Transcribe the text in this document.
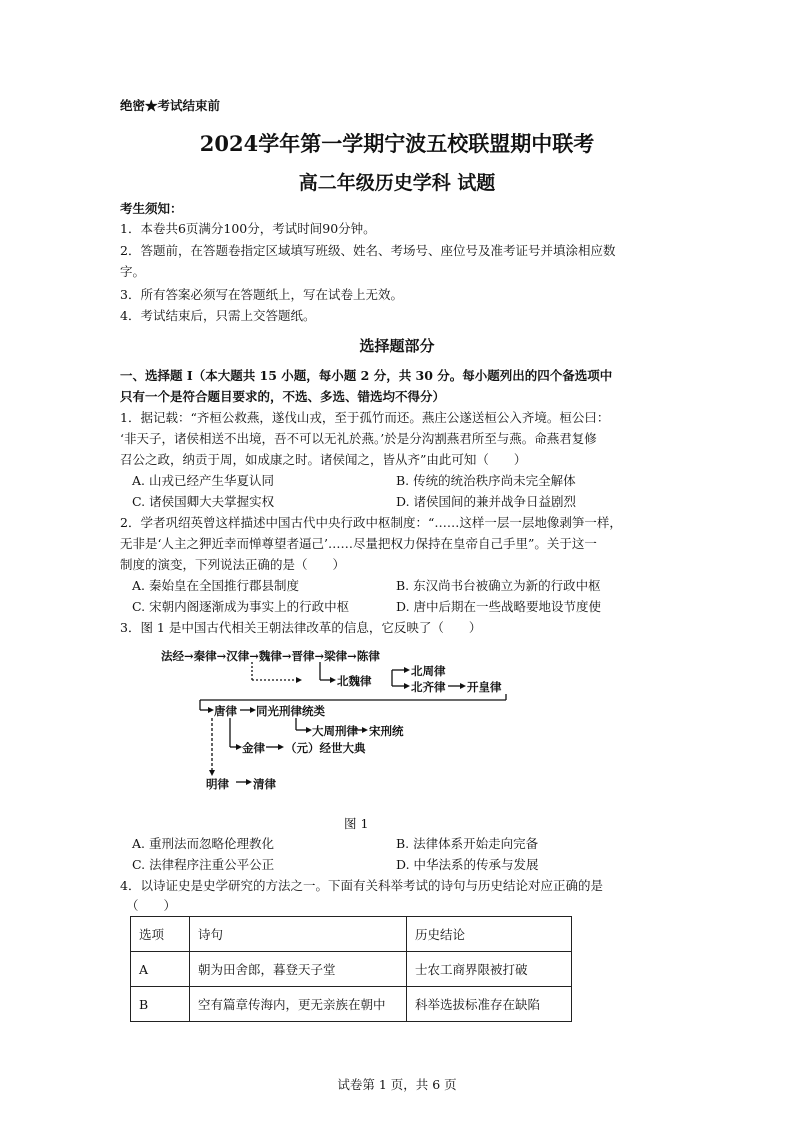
绝密★考试结束前
2024学年第一学期宁波五校联盟期中联考
高二年级历史学科 试题
考生须知：
1．本卷共6页满分100分，考试时间90分钟。
2．答题前，在答题卷指定区域填写班级、姓名、考场号、座位号及准考证号并填涂相应数
字。
3．所有答案必须写在答题纸上，写在试卷上无效。
4．考试结束后，只需上交答题纸。
选择题部分
一、选择题 I（本大题共 15 小题，每小题 2 分，共 30 分。每小题列出的四个备选项中
只有一个是符合题目要求的，不选、多选、错选均不得分）
1．据记载：“齐桓公救燕，遂伐山戎，至于孤竹而还。燕庄公遂送桓公入齐境。桓公曰：
‘非天子，诸侯相送不出境，吾不可以无礼於燕。’於是分沟割燕君所至与燕。命燕君复修
召公之政，纳贡于周，如成康之时。诸侯闻之，皆从齐”由此可知（　　）
A. 山戎已经产生华夏认同	B. 传统的统治秩序尚未完全解体
C. 诸侯国卿大夫掌握实权	D. 诸侯国间的兼并战争日益剧烈
2．学者巩绍英曾这样描述中国古代中央行政中枢制度：“……这样一层一层地像剥笋一样，
无非是‘人主之狎近幸而惮尊望者逼己’……尽量把权力保持在皇帝自己手里”。关于这一
制度的演变，下列说法正确的是（　　）
A. 秦始皇在全国推行郡县制度	B. 东汉尚书台被确立为新的行政中枢
C. 宋朝内阁逐渐成为事实上的行政中枢	D. 唐中后期在一些战略要地设节度使
3．图 1 是中国古代相关王朝法律改革的信息，它反映了（　　）
法经→秦律→汉律→魏律→晋律→梁律→陈律
北魏律
北周律
北齐律 开皇律
唐律 同光刑律统类
大周刑律 宋刑统
金律 （元）经世大典
明律 清律
图 1
A. 重刑法而忽略伦理教化	B. 法律体系开始走向完备
C. 法律程序注重公平公正	D. 中华法系的传承与发展
4．以诗证史是史学研究的方法之一。下面有关科举考试的诗句与历史结论对应正确的是
（　　）
选项	诗句	历史结论
A	朝为田舍郎，暮登天子堂	士农工商界限被打破
B	空有篇章传海内，更无亲族在朝中	科举选拔标准存在缺陷
试卷第 1 页，共 6 页
